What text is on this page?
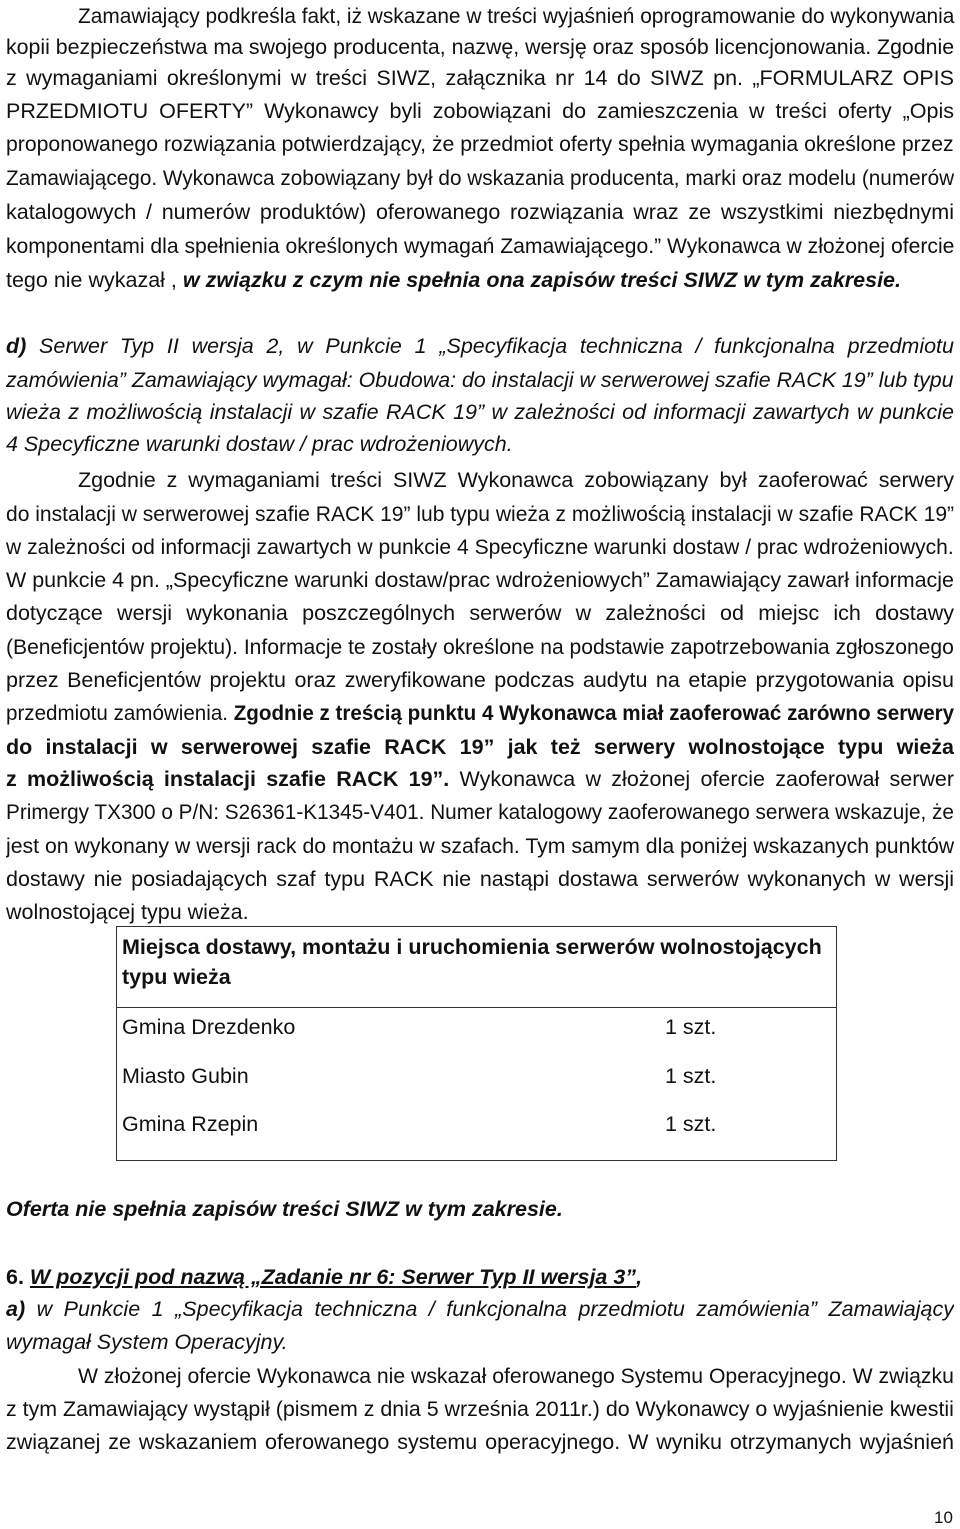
Miejsca dostawy, montażu i uruchomienia serwerów wolnostojących
typu wieża
Gmina Drezdenko	1 szt.
Miasto Gubin	1 szt.
Gmina Rzepin	1 szt.
10
Zamawiający podkreśla fakt, iż wskazane w treści wyjaśnień oprogramowanie do wykonywania
kopii bezpieczeństwa ma swojego producenta, nazwę, wersję oraz sposób licencjonowania. Zgodnie
z wymaganiami określonymi w treści SIWZ, załącznika nr 14 do SIWZ pn. „FORMULARZ OPIS
PRZEDMIOTU OFERTY” Wykonawcy byli zobowiązani do zamieszczenia w treści oferty „Opis
proponowanego rozwiązania potwierdzający, że przedmiot oferty spełnia wymagania określone przez
Zamawiającego. Wykonawca zobowiązany był do wskazania producenta, marki oraz modelu (numerów
katalogowych / numerów produktów) oferowanego rozwiązania wraz ze wszystkimi niezbędnymi
komponentami dla spełnienia określonych wymagań Zamawiającego.” Wykonawca w złożonej ofercie
tego nie wykazał , w związku z czym nie spełnia ona zapisów treści SIWZ w tym zakresie.
d) Serwer Typ II wersja 2, w Punkcie 1 „Specyfikacja techniczna / funkcjonalna przedmiotu
zamówienia” Zamawiający wymagał: Obudowa: do instalacji w serwerowej szafie RACK 19” lub typu
wieża z możliwością instalacji w szafie RACK 19” w zależności od informacji zawartych w punkcie
4 Specyficzne warunki dostaw / prac wdrożeniowych.
Zgodnie z wymaganiami treści SIWZ Wykonawca zobowiązany był zaoferować serwery
do instalacji w serwerowej szafie RACK 19” lub typu wieża z możliwością instalacji w szafie RACK 19”
w zależności od informacji zawartych w punkcie 4 Specyficzne warunki dostaw / prac wdrożeniowych.
W punkcie 4 pn. „Specyficzne warunki dostaw/prac wdrożeniowych” Zamawiający zawarł informacje
dotyczące wersji wykonania poszczególnych serwerów w zależności od miejsc ich dostawy
(Beneficjentów projektu). Informacje te zostały określone na podstawie zapotrzebowania zgłoszonego
przez Beneficjentów projektu oraz zweryfikowane podczas audytu na etapie przygotowania opisu
przedmiotu zamówienia. Zgodnie z treścią punktu 4 Wykonawca miał zaoferować zarówno serwery
do instalacji w serwerowej szafie RACK 19” jak też serwery wolnostojące typu wieża
z możliwością instalacji szafie RACK 19”. Wykonawca w złożonej ofercie zaoferował serwer
Primergy TX300 o P/N: S26361-K1345-V401. Numer katalogowy zaoferowanego serwera wskazuje, że
jest on wykonany w wersji rack do montażu w szafach. Tym samym dla poniżej wskazanych punktów
dostawy nie posiadających szaf typu RACK nie nastąpi dostawa serwerów wykonanych w wersji
wolnostojącej typu wieża.
Oferta nie spełnia zapisów treści SIWZ w tym zakresie.
6. W pozycji pod nazwą „Zadanie nr 6: Serwer Typ II wersja 3”,
a) w Punkcie 1 „Specyfikacja techniczna / funkcjonalna przedmiotu zamówienia” Zamawiający
wymagał System Operacyjny.
W złożonej ofercie Wykonawca nie wskazał oferowanego Systemu Operacyjnego. W związku
z tym Zamawiający wystąpił (pismem z dnia 5 września 2011r.) do Wykonawcy o wyjaśnienie kwestii
związanej ze wskazaniem oferowanego systemu operacyjnego. W wyniku otrzymanych wyjaśnień
